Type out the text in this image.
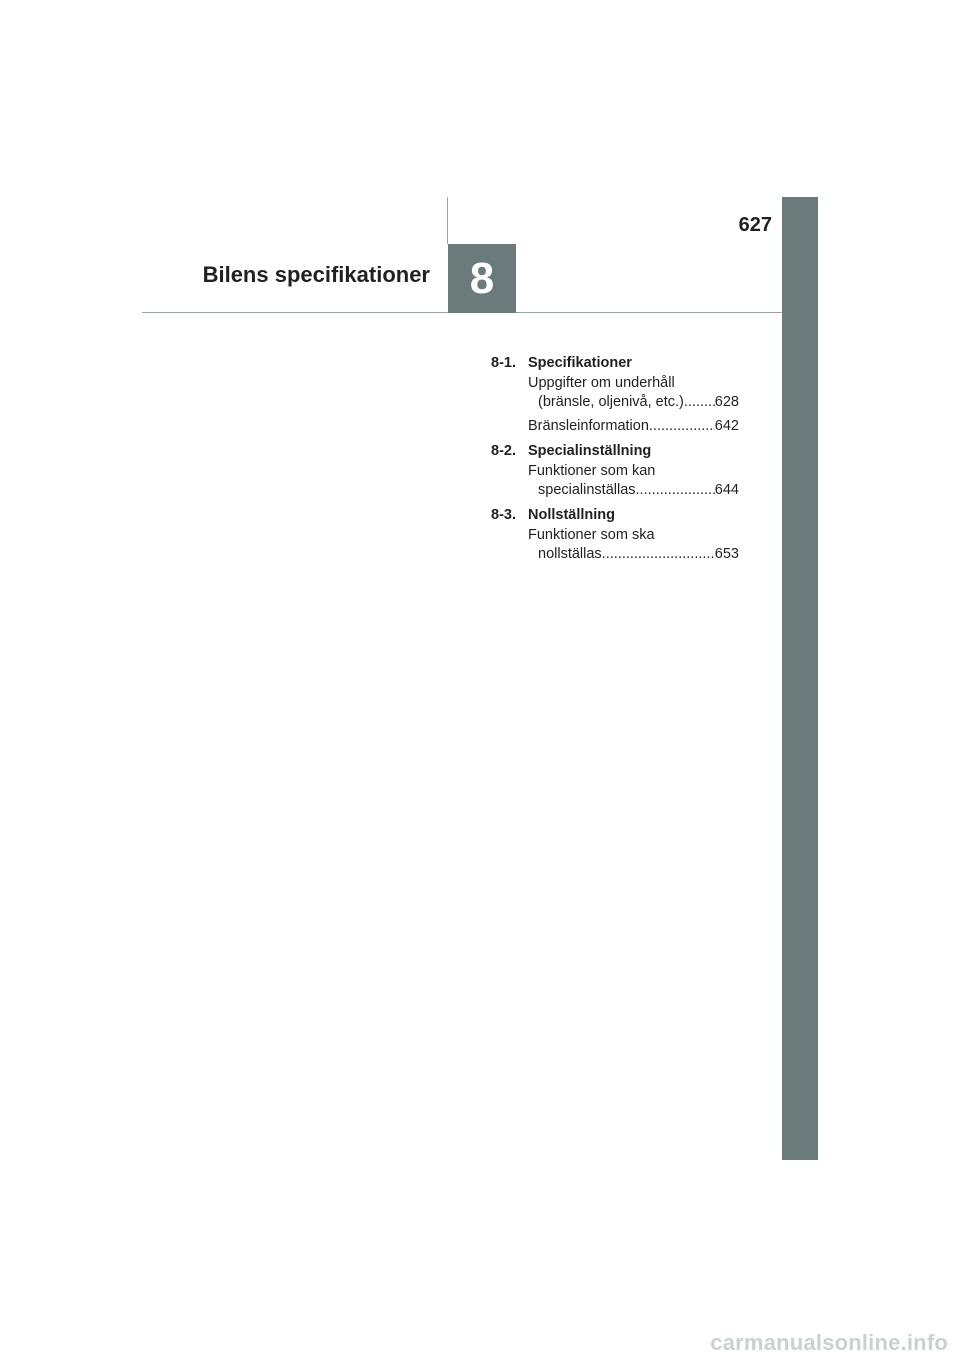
627
Bilens specifikationer 8
8-1. Specifikationer
Uppgifter om underhåll
(bränsle, oljenivå, etc.) ..... 628
Bränsleinformation .....	642
8-2. Specialinställning
Funktioner som kan
specialinställas .....	644
8-3. Nollställning
Funktioner som ska
nollställas .....	653
carmanualsonline.info
